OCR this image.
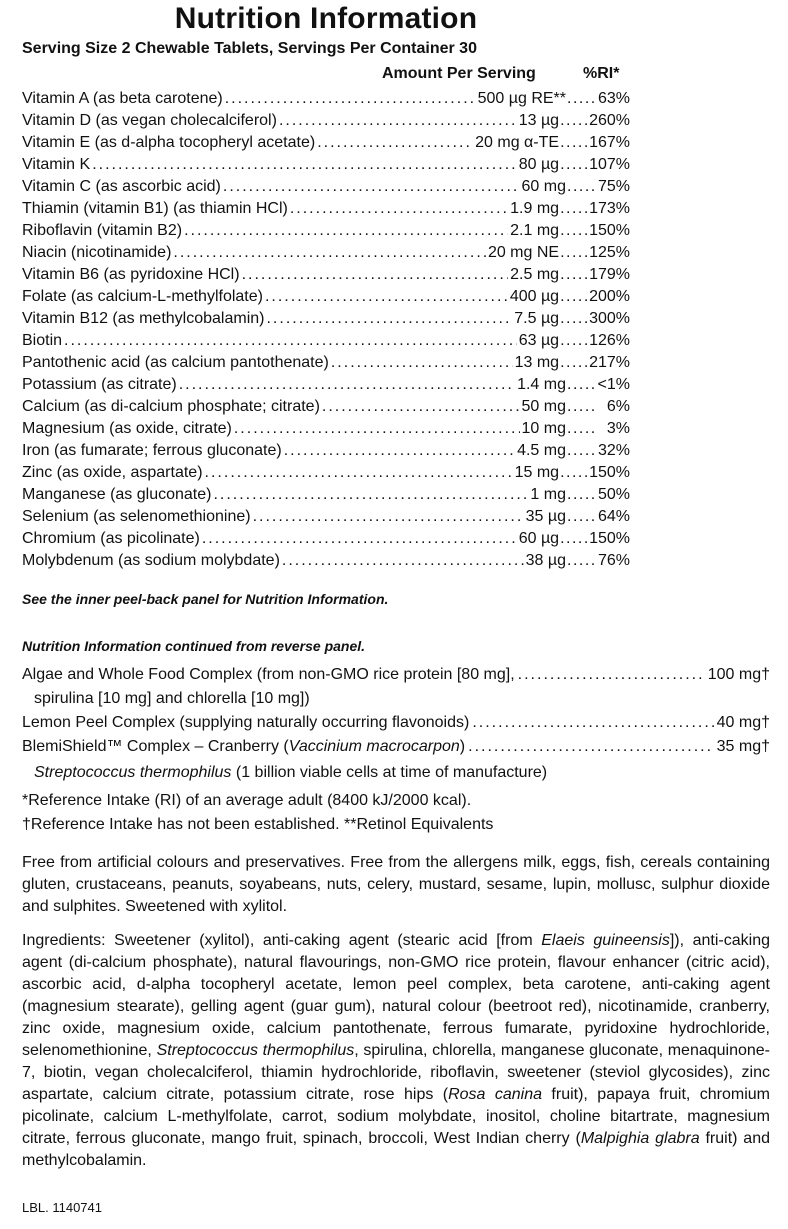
Nutrition Information
Serving Size 2 Chewable Tablets, Servings Per Container 30
Amount Per Serving	%RI*
Vitamin A (as beta carotene) .....	500 µg RE** ..... 63%
Vitamin D (as vegan cholecalciferol) .....	13 µg ..... 260%
Vitamin E (as d-alpha tocopheryl acetate) .....	20 mg α-TE ..... 167%
Vitamin K .....	80 µg ..... 107%
Vitamin C (as ascorbic acid) .....	60 mg ..... 75%
Thiamin (vitamin B1) (as thiamin HCl) .....	1.9 mg ..... 173%
Riboflavin (vitamin B2) .....	2.1 mg ..... 150%
Niacin (nicotinamide) .....	20 mg NE ..... 125%
Vitamin B6 (as pyridoxine HCl) .....	2.5 mg ..... 179%
Folate (as calcium-L-methylfolate) .....	400 µg ..... 200%
Vitamin B12 (as methylcobalamin) .....	7.5 µg ..... 300%
Biotin .....	63 µg ..... 126%
Pantothenic acid (as calcium pantothenate) .....	13 mg ..... 217%
Potassium (as citrate) .....	1.4 mg ..... <1%
Calcium (as di-calcium phosphate; citrate) .....	50 mg .....	6%
Magnesium (as oxide, citrate) .....	10 mg .....	3%
Iron (as fumarate; ferrous gluconate) .....	4.5 mg ..... 32%
Zinc (as oxide, aspartate) .....	15 mg ..... 150%
Manganese (as gluconate) .....	1 mg ..... 50%
Selenium (as selenomethionine) .....	35 µg ..... 64%
Chromium (as picolinate) .....	60 µg ..... 150%
Molybdenum (as sodium molybdate) .....	38 µg ..... 76%
See the inner peel-back panel for Nutrition Information.
Nutrition Information continued from reverse panel.
Algae and Whole Food Complex (from non-GMO rice protein [80 mg], .....	100 mg†
spirulina [10 mg] and chlorella [10 mg])
Lemon Peel Complex (supplying naturally occurring flavonoids) .....	40 mg†
BlemiShield™ Complex – Cranberry (Vaccinium macrocarpon) .....	35 mg†
Streptococcus thermophilus (1 billion viable cells at time of manufacture)
*Reference Intake (RI) of an average adult (8400 kJ/2000 kcal).
†Reference Intake has not been established. **Retinol Equivalents

Free from artificial colours and preservatives. Free from the allergens milk, eggs, fish, cereals containing gluten, crustaceans, peanuts, soyabeans, nuts, celery, mustard, sesame, lupin, mollusc, sulphur dioxide and sulphites. Sweetened with xylitol.

Ingredients: Sweetener (xylitol), anti-caking agent (stearic acid [from Elaeis guineensis]), anti-caking agent (di-calcium phosphate), natural flavourings, non-GMO rice protein, flavour enhancer (citric acid), ascorbic acid, d-alpha tocopheryl acetate, lemon peel complex, beta carotene, anti-caking agent (magnesium stearate), gelling agent (guar gum), natural colour (beetroot red), nicotinamide, cranberry, zinc oxide, magnesium oxide, calcium pantothenate, ferrous fumarate, pyridoxine hydrochloride, selenomethionine, Streptococcus thermophilus, spirulina, chlorella, manganese gluconate, menaquinone-7, biotin, vegan cholecalciferol, thiamin hydrochloride, riboflavin, sweetener (steviol glycosides), zinc aspartate, calcium citrate, potassium citrate, rose hips (Rosa canina fruit), papaya fruit, chromium picolinate, calcium L-methylfolate, carrot, sodium molybdate, inositol, choline bitartrate, magnesium citrate, ferrous gluconate, mango fruit, spinach, broccoli, West Indian cherry (Malpighia glabra fruit) and methylcobalamin.

LBL. 1140741
